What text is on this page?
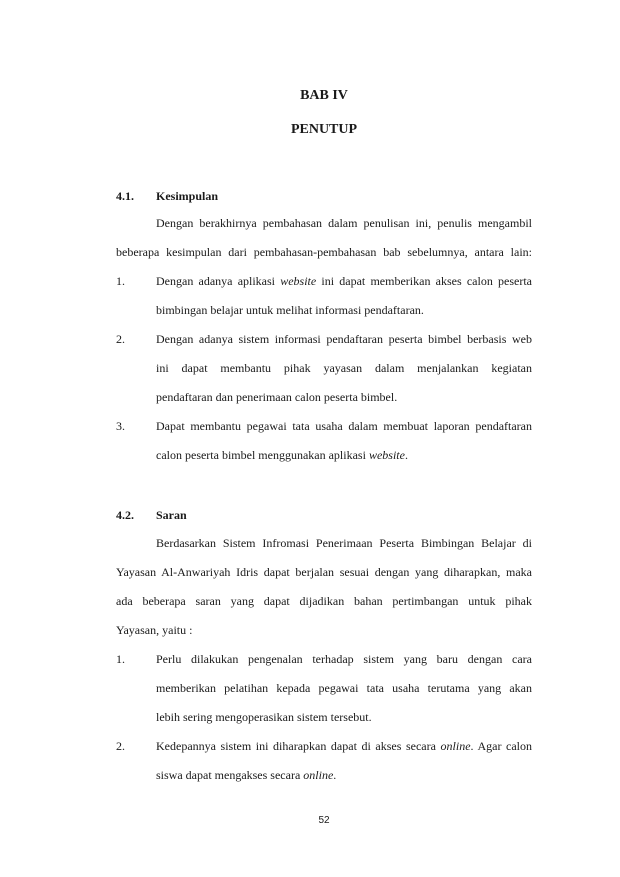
BAB IV
PENUTUP
4.1. Kesimpulan
Dengan berakhirnya pembahasan dalam penulisan ini, penulis mengambil
beberapa kesimpulan dari pembahasan-pembahasan bab sebelumnya, antara lain:
1.	Dengan adanya aplikasi website ini dapat memberikan akses calon peserta
bimbingan belajar untuk melihat informasi pendaftaran.
2.	Dengan adanya sistem informasi pendaftaran peserta bimbel berbasis web
ini dapat membantu pihak yayasan dalam menjalankan kegiatan
pendaftaran dan penerimaan calon peserta bimbel.
3.	Dapat membantu pegawai tata usaha dalam membuat laporan pendaftaran
calon peserta bimbel menggunakan aplikasi website.
4.2. Saran
Berdasarkan Sistem Infromasi Penerimaan Peserta Bimbingan Belajar di
Yayasan Al-Anwariyah Idris dapat berjalan sesuai dengan yang diharapkan, maka
ada beberapa saran yang dapat dijadikan bahan pertimbangan untuk pihak
Yayasan, yaitu :
1.	Perlu dilakukan pengenalan terhadap sistem yang baru dengan cara
memberikan pelatihan kepada pegawai tata usaha terutama yang akan
lebih sering mengoperasikan sistem tersebut.
2.	Kedepannya sistem ini diharapkan dapat di akses secara online. Agar calon
siswa dapat mengakses secara online.
52
